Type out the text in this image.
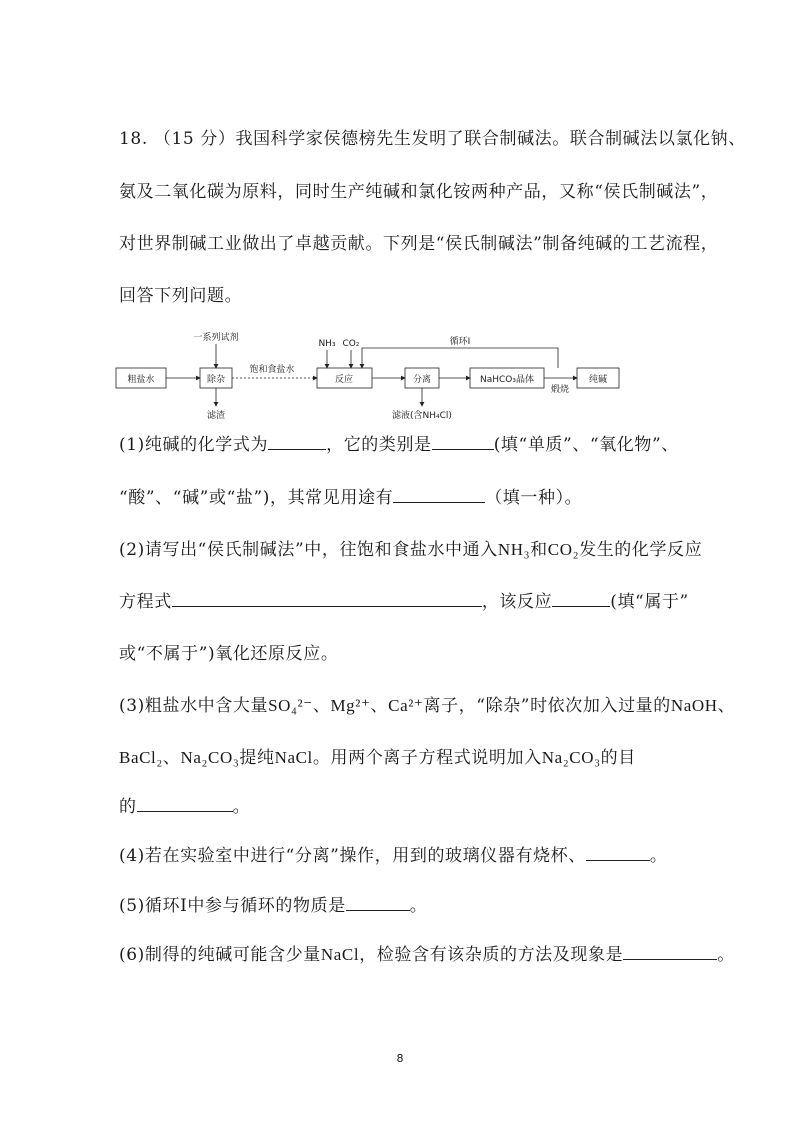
18. （15 分）我国科学家侯德榜先生发明了联合制碱法。联合制碱法以氯化钠、
氨及二氧化碳为原料，同时生产纯碱和氯化铵两种产品，又称“侯氏制碱法”，
对世界制碱工业做出了卓越贡献。下列是“侯氏制碱法”制备纯碱的工艺流程，
回答下列问题。
粗盐水
一系列试剂
除杂
滤渣
饱和食盐水
NH₃ CO₂	循环Ⅰ
反应	分离
滤液(含NH₄Cl)
NaHCO₃晶体
煅烧
纯碱
(1)纯碱的化学式为	，它的类别是	(填“单质”、“氧化物”、
“酸”、“碱”或“盐”)，其常见用途有	（填一种）。
(2)请写出“侯氏制碱法”中，往饱和食盐水中通入NH₃和CO₂发生的化学反应
方程式	，该反应	(填“属于”
或“不属于”)氧化还原反应。
(3)粗盐水中含大量SO₄²⁻、Mg²⁺、Ca²⁺离子，“除杂”时依次加入过量的NaOH、
BaCl₂、Na₂CO₃提纯NaCl。用两个离子方程式说明加入Na₂CO₃的目
的	。
(4)若在实验室中进行“分离”操作，用到的玻璃仪器有烧杯、	。
(5)循环Ⅰ中参与循环的物质是	。
(6)制得的纯碱可能含少量NaCl，检验含有该杂质的方法及现象是	。
8
